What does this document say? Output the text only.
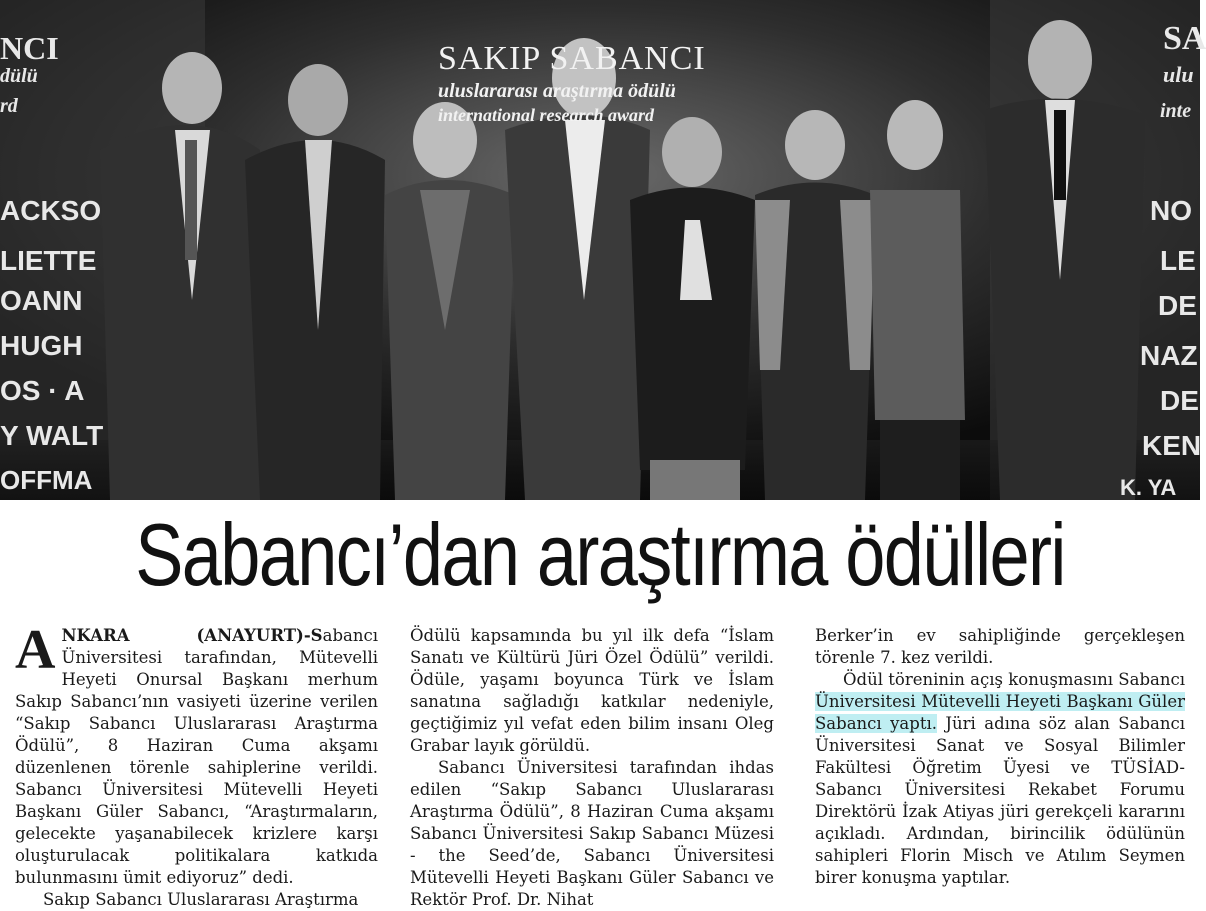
SAKIP SABANCI
uluslararası araştırma ödülü
international research award
NCI
dülü
rd
ACKSO
LIETTE
OANN
HUGH
OS · A
Y WALT
OFFMA
SA
ulu
inte
NO
LE
DE
NAZ
DE
KEN
K. YA
Sabancı’dan araştırma ödülleri

ANKARA (ANAYURT)-Sabancı Üniversitesi tarafından, Mütevelli Heyeti Onursal Başkanı merhum Sakıp Sabancı’nın vasiyeti üzerine verilen “Sakıp Sabancı Uluslararası Araştırma Ödülü”, 8 Haziran Cuma akşamı düzenlenen törenle sahiplerine verildi. Sabancı Üniversitesi Mütevelli Heyeti Başkanı Güler Sabancı, “Araştırmaların, gelecekte yaşanabilecek krizlere karşı oluşturulacak politikalara katkıda bulunmasını ümit ediyoruz” dedi.

Sakıp Sabancı Uluslararası Araştırma

Ödülü kapsamında bu yıl ilk defa “İslam Sanatı ve Kültürü Jüri Özel Ödülü” verildi. Ödüle, yaşamı boyunca Türk ve İslam sanatına sağladığı katkılar nedeniyle, geçtiğimiz yıl vefat eden bilim insanı Oleg Grabar layık görüldü.

Sabancı Üniversitesi tarafından ihdas edilen “Sakıp Sabancı Uluslararası Araştırma Ödülü”, 8 Haziran Cuma akşamı Sabancı Üniversitesi Sakıp Sabancı Müzesi - the Seed’de, Sabancı Üniversitesi Mütevelli Heyeti Başkanı Güler Sabancı ve Rektör Prof. Dr. Nihat

Berker’in ev sahipliğinde gerçekleşen törenle 7. kez verildi.

Ödül töreninin açış konuşmasını Sabancı Üniversitesi Mütevelli Heyeti Başkanı Güler Sabancı yaptı. Jüri adına söz alan Sabancı Üniversitesi Sanat ve Sosyal Bilimler Fakültesi Öğretim Üyesi ve TÜSİAD-Sabancı Üniversitesi Rekabet Forumu Direktörü İzak Atiyas jüri gerekçeli kararını açıkladı. Ardından, birincilik ödülünün sahipleri Florin Misch ve Atılım Seymen birer konuşma yaptılar.
